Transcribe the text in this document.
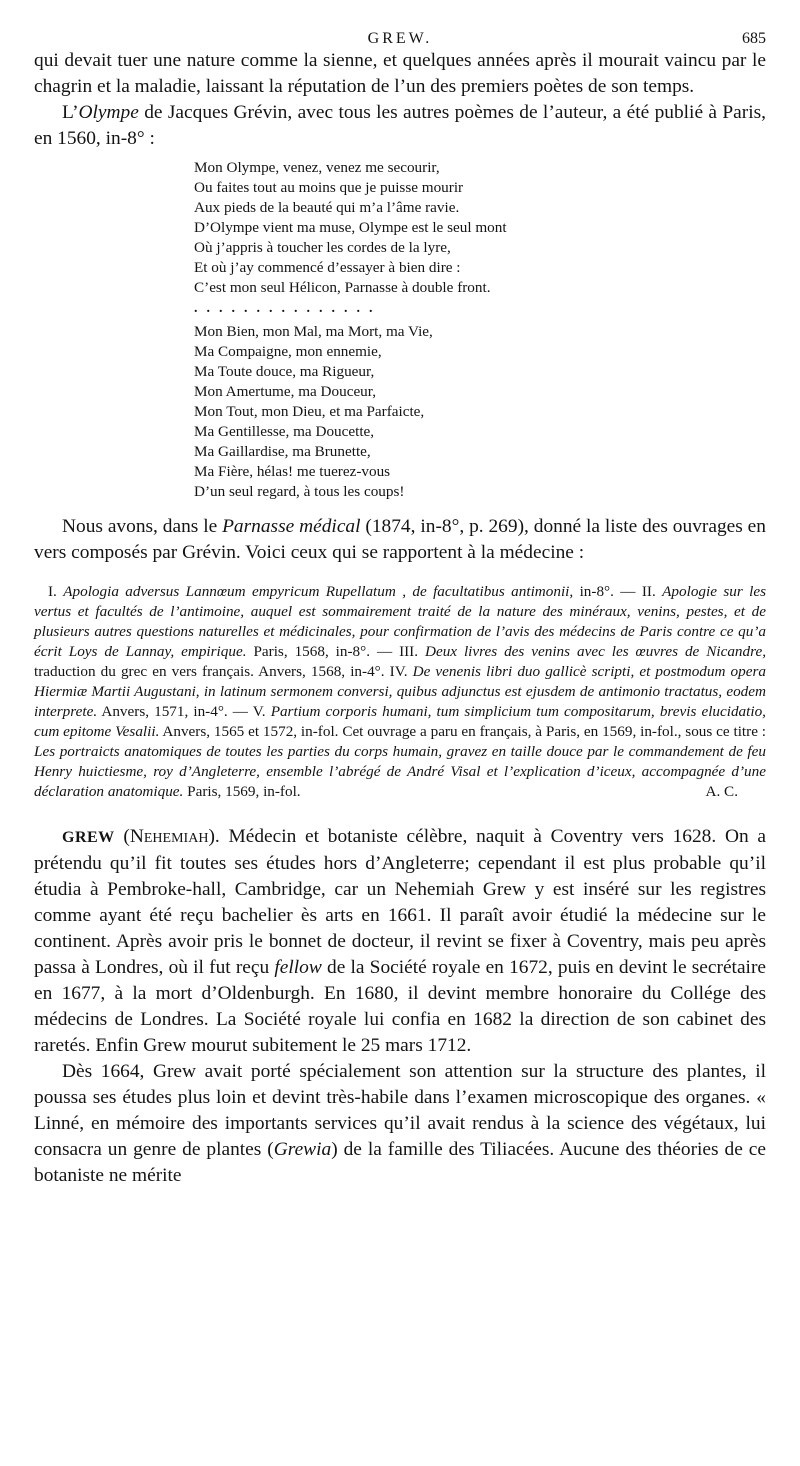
GREW.	685

qui devait tuer une nature comme la sienne, et quelques années après il mourait vaincu par le chagrin et la maladie, laissant la réputation de l’un des premiers poètes de son temps.

L’Olympe de Jacques Grévin, avec tous les autres poèmes de l’auteur, a été publié à Paris, en 1560, in-8° :

Mon Olympe, venez, venez me secourir,
Ou faites tout au moins que je puisse mourir
Aux pieds de la beauté qui m’a l’âme ravie.
D’Olympe vient ma muse, Olympe est le seul mont
Où j’appris à toucher les cordes de la lyre,
Et où j’ay commencé d’essayer à bien dire :
C’est mon seul Hélicon, Parnasse à double front.
...............
Mon Bien, mon Mal, ma Mort, ma Vie,
Ma Compaigne, mon ennemie,
Ma Toute douce, ma Rigueur,
Mon Amertume, ma Douceur,
Mon Tout, mon Dieu, et ma Parfaicte,
Ma Gentillesse, ma Doucette,
Ma Gaillardise, ma Brunette,
Ma Fière, hélas! me tuerez-vous
D’un seul regard, à tous les coups!

Nous avons, dans le Parnasse médical (1874, in-8°, p. 269), donné la liste des ouvrages en vers composés par Grévin. Voici ceux qui se rapportent à la médecine :

I. Apologia adversus Lannœum empyricum Rupellatum , de facultatibus antimonii, in-8°. — II. Apologie sur les vertus et facultés de l’antimoine, auquel est sommairement traité de la nature des minéraux, venins, pestes, et de plusieurs autres questions naturelles et médicinales, pour confirmation de l’avis des médecins de Paris contre ce qu’a écrit Loys de Lannay, empirique. Paris, 1568, in-8°. — III. Deux livres des venins avec les œuvres de Nicandre, traduction du grec en vers français. Anvers, 1568, in-4°. IV. De venenis libri duo gallicè scripti, et postmodum opera Hiermiæ Martii Augustani, in latinum sermonem conversi, quibus adjunctus est ejusdem de antimonio tractatus, eodem interprete. Anvers, 1571, in-4°. — V. Partium corporis humani, tum simplicium tum compositarum, brevis elucidatio, cum epitome Vesalii. Anvers, 1565 et 1572, in-fol. Cet ouvrage a paru en français, à Paris, en 1569, in-fol., sous ce titre : Les portraicts anatomiques de toutes les parties du corps humain, gravez en taille douce par le commandement de feu Henry huictiesme, roy d’Angleterre, ensemble l’abrégé de André Visal et l’explication d’iceux, accompagnée d’une déclaration anatomique. Paris, 1569, in-fol.	A. C.

GREW (Nehemiah). Médecin et botaniste célèbre, naquit à Coventry vers 1628. On a prétendu qu’il fit toutes ses études hors d’Angleterre; cependant il est plus probable qu’il étudia à Pembroke-hall, Cambridge, car un Nehemiah Grew y est inséré sur les registres comme ayant été reçu bachelier ès arts en 1661. Il paraît avoir étudié la médecine sur le continent. Après avoir pris le bonnet de docteur, il revint se fixer à Coventry, mais peu après passa à Londres, où il fut reçu fellow de la Société royale en 1672, puis en devint le secrétaire en 1677, à la mort d’Oldenburgh. En 1680, il devint membre honoraire du Collége des médecins de Londres. La Société royale lui confia en 1682 la direction de son cabinet des raretés. Enfin Grew mourut subitement le 25 mars 1712.

Dès 1664, Grew avait porté spécialement son attention sur la structure des plantes, il poussa ses études plus loin et devint très-habile dans l’examen microscopique des organes. « Linné, en mémoire des importants services qu’il avait rendus à la science des végétaux, lui consacra un genre de plantes (Grewia) de la famille des Tiliacées. Aucune des théories de ce botaniste ne mérite
